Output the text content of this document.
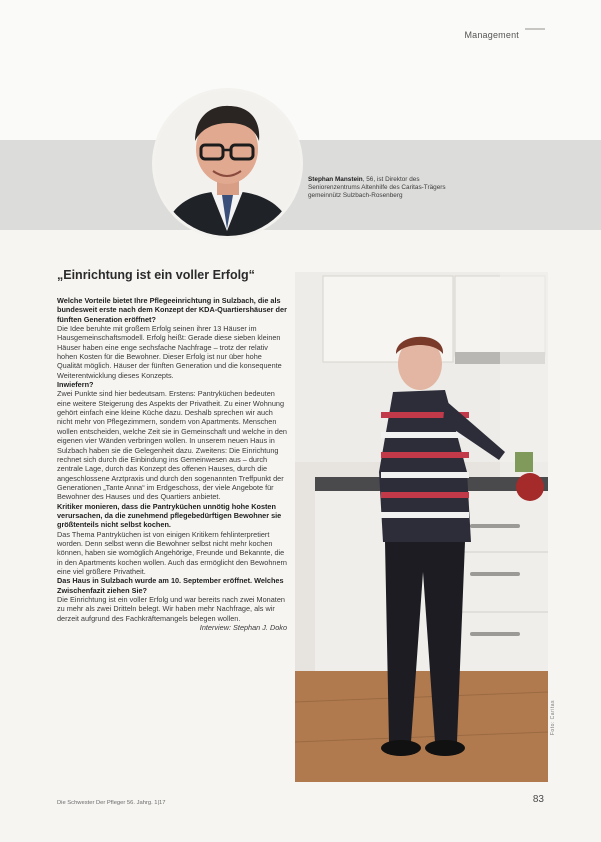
Management
Stephan Manstein, 56, ist Direktor des Seniorenzentrums Altenhilfe des Caritas-Trägers gemeinnütz Sulzbach-Rosenberg
„Einrichtung ist ein voller Erfolg“

Welche Vorteile bietet Ihre Pflegeeinrichtung in Sulzbach, die als bundesweit erste nach dem Konzept der KDA-Quartiershäuser der fünften Generation eröffnet?

Die Idee beruhte mit großem Erfolg seinen ihrer 13 Häuser im Hausgemeinschaftsmodell. Erfolg heißt: Gerade diese sieben kleinen Häuser haben eine enge sechsfache Nachfrage – trotz der relativ hohen Kosten für die Bewohner. Dieser Erfolg ist nur über hohe Qualität möglich. Häuser der fünften Generation und die konsequente Weiterentwicklung dieses Konzepts.

Inwiefern?

Zwei Punkte sind hier bedeutsam. Erstens: Pantryküchen bedeuten eine weitere Steigerung des Aspekts der Privatheit. Zu einer Wohnung gehört einfach eine kleine Küche dazu. Deshalb sprechen wir auch nicht mehr von Pflegezimmern, sondern von Apartments. Menschen wollen entscheiden, welche Zeit sie in Gemeinschaft und welche in den eigenen vier Wänden verbringen wollen. In unserem neuen Haus in Sulzbach haben sie die Gelegenheit dazu. Zweitens: Die Einrichtung rechnet sich durch die Einbindung ins Gemeinwesen aus – durch zentrale Lage, durch das Konzept des offenen Hauses, durch die angeschlossene Arztpraxis und durch den sogenannten Treffpunkt der Generationen „Tante Anna“ im Erdgeschoss, der viele Angebote für Bewohner des Hauses und des Quartiers anbietet.

Kritiker monieren, dass die Pantryküchen unnötig hohe Kosten verursachen, da die zunehmend pflegebedürftigen Bewohner sie größtenteils nicht selbst kochen.

Das Thema Pantryküchen ist von einigen Kritikern fehlinterpretiert worden. Denn selbst wenn die Bewohner selbst nicht mehr kochen können, haben sie womöglich Angehörige, Freunde und Bekannte, die in den Apartments kochen wollen. Auch das ermöglicht den Bewohnern eine viel größere Privatheit.

Das Haus in Sulzbach wurde am 10. September eröffnet. Welches Zwischenfazit ziehen Sie?

Die Einrichtung ist ein voller Erfolg und war bereits nach zwei Monaten zu mehr als zwei Dritteln belegt. Wir haben mehr Nachfrage, als wir derzeit aufgrund des Fachkräftemangels belegen wollen.

Interview: Stephan J. Doko

Foto: Caritas
Die Schwester Der Pfleger 56. Jahrg. 1|17	83
